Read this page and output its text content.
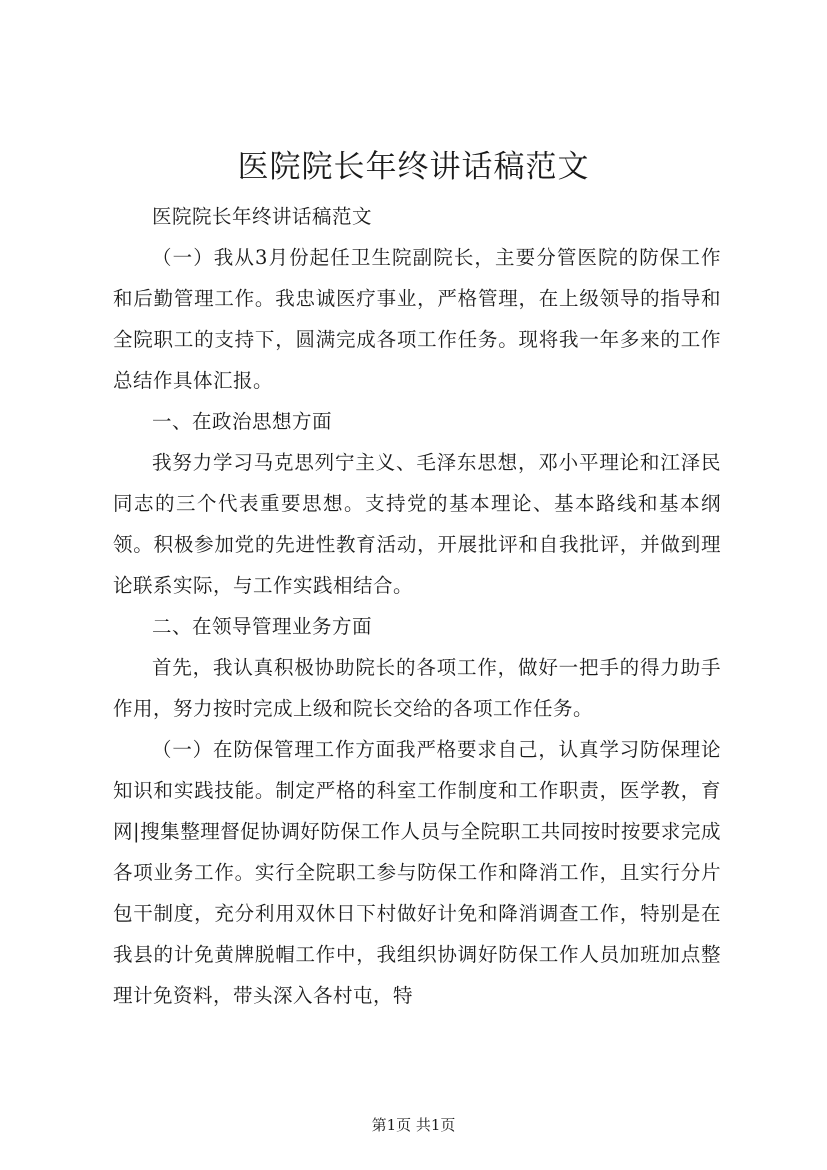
医院院长年终讲话稿范文

医院院长年终讲话稿范文

（一）我从3月份起任卫生院副院长，主要分管医院的防保工作和后勤管理工作。我忠诚医疗事业，严格管理，在上级领导的指导和全院职工的支持下，圆满完成各项工作任务。现将我一年多来的工作总结作具体汇报。

一、在政治思想方面

我努力学习马克思列宁主义、毛泽东思想，邓小平理论和江泽民同志的三个代表重要思想。支持党的基本理论、基本路线和基本纲领。积极参加党的先进性教育活动，开展批评和自我批评，并做到理论联系实际，与工作实践相结合。

二、在领导管理业务方面

首先，我认真积极协助院长的各项工作，做好一把手的得力助手作用，努力按时完成上级和院长交给的各项工作任务。

（一）在防保管理工作方面我严格要求自己，认真学习防保理论知识和实践技能。制定严格的科室工作制度和工作职责，医学教，育网|搜集整理督促协调好防保工作人员与全院职工共同按时按要求完成各项业务工作。实行全院职工参与防保工作和降消工作，且实行分片包干制度，充分利用双休日下村做好计免和降消调查工作，特别是在我县的计免黄牌脱帽工作中，我组织协调好防保工作人员加班加点整理计免资料，带头深入各村屯，特

第1页 共1页
